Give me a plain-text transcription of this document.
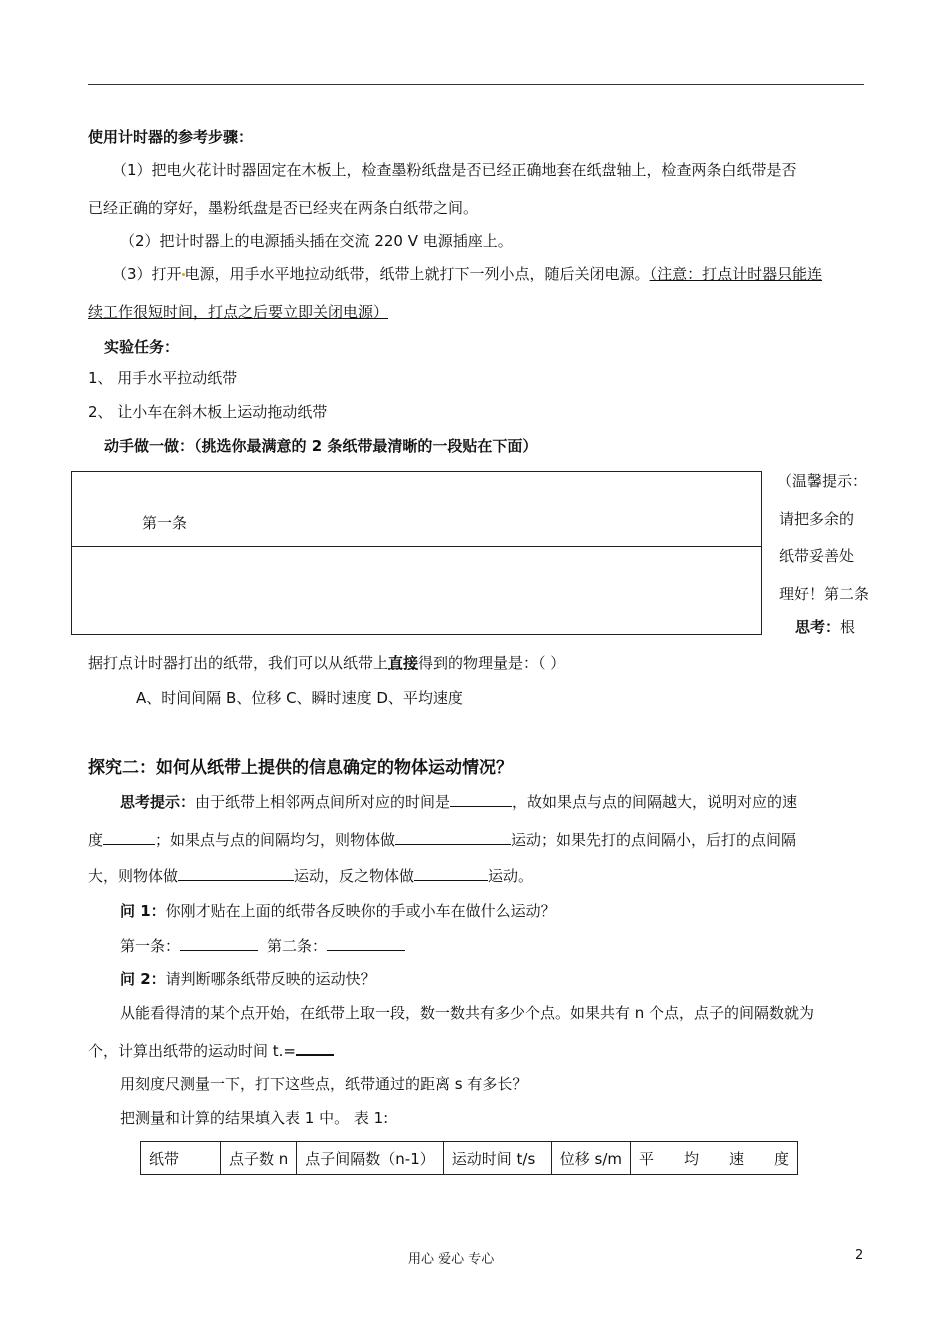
使用计时器的参考步骤：
（1）把电火花计时器固定在木板上，检查墨粉纸盘是否已经正确地套在纸盘轴上，检查两条白纸带是否
已经正确的穿好，墨粉纸盘是否已经夹在两条白纸带之间。
（2）把计时器上的电源插头插在交流 220 V 电源插座上。
（3）打开 电源，用手水平地拉动纸带，纸带上就打下一列小点，随后关闭电源。（注意：打点计时器只能连
续工作很短时间，打点之后要立即关闭电源）
实验任务：
1、 用手水平拉动纸带
2、 让小车在斜木板上运动拖动纸带
动手做一做：（挑选你最满意的 2 条纸带最清晰的一段贴在下面）
第一条
（温馨提示：
请把多余的
纸带妥善处
理好！第二条
思考：根
据打点计时器打出的纸带，我们可以从纸带上直接得到的物理量是：（ ）
A、时间间隔 B、位移 C、瞬时速度 D、平均速度
探究二：如何从纸带上提供的信息确定的物体运动情况？
思考提示：由于纸带上相邻两点间所对应的时间是	，故如果点与点的间隔越大，说明对应的速
度	；如果点与点的间隔均匀，则物体做	运动；如果先打的点间隔小，后打的点间隔
大，则物体做	运动，反之物体做	运动。
问 1：你刚才贴在上面的纸带各反映你的手或小车在做什么运动？
第一条：	第二条：
问 2：请判断哪条纸带反映的运动快？
从能看得清的某个点开始，在纸带上取一段，数一数共有多少个点。如果共有 n 个点，点子的间隔数就为
个，计算出纸带的运动时间 t.=
用刻度尺测量一下，打下这些点，纸带通过的距离 s 有多长？
把测量和计算的结果填入表 1 中。 表 1:
纸带	点子数 n	点子间隔数（n-1）	运动时间 t/s	位移 s/m	平　　均　　速　　度
用心 爱心 专心	2
